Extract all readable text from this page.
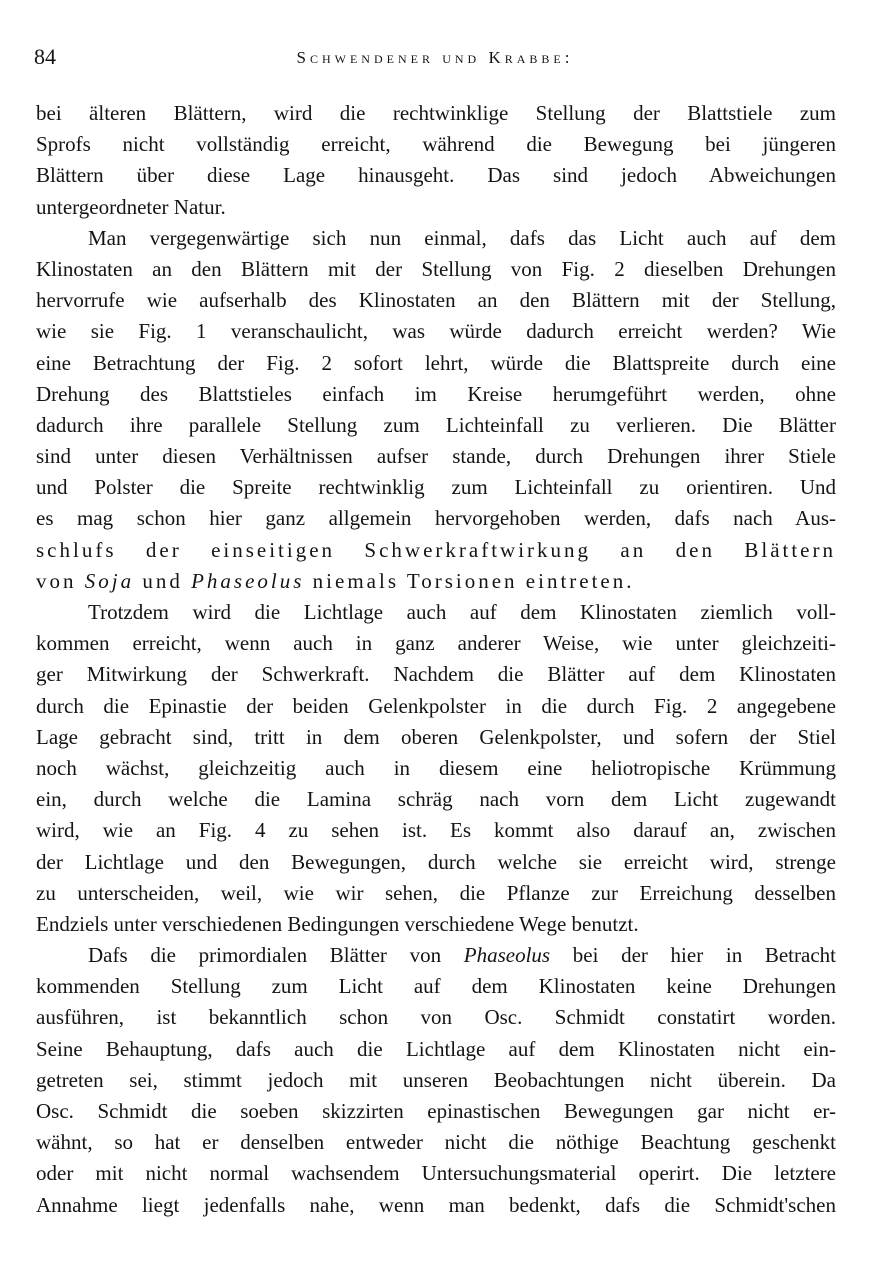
84	Schwendener und Krabbe:
bei älteren Blättern, wird die rechtwinklige Stellung der Blattstiele zum
Sprofs nicht vollständig erreicht, während die Bewegung bei jüngeren
Blättern über diese Lage hinausgeht. Das sind jedoch Abweichungen
untergeordneter Natur.
Man vergegenwärtige sich nun einmal, dafs das Licht auch auf dem
Klinostaten an den Blättern mit der Stellung von Fig. 2 dieselben Drehungen
hervorrufe wie aufserhalb des Klinostaten an den Blättern mit der Stellung,
wie sie Fig. 1 veranschaulicht, was würde dadurch erreicht werden? Wie
eine Betrachtung der Fig. 2 sofort lehrt, würde die Blattspreite durch eine
Drehung des Blattstieles einfach im Kreise herumgeführt werden, ohne
dadurch ihre parallele Stellung zum Lichteinfall zu verlieren. Die Blätter
sind unter diesen Verhältnissen aufser stande, durch Drehungen ihrer Stiele
und Polster die Spreite rechtwinklig zum Lichteinfall zu orientiren. Und
es mag schon hier ganz allgemein hervorgehoben werden, dafs nach Aus-
schlufs der einseitigen Schwerkraftwirkung an den Blättern
von Soja und Phaseolus niemals Torsionen eintreten.
Trotzdem wird die Lichtlage auch auf dem Klinostaten ziemlich voll-
kommen erreicht, wenn auch in ganz anderer Weise, wie unter gleichzeiti-
ger Mitwirkung der Schwerkraft. Nachdem die Blätter auf dem Klinostaten
durch die Epinastie der beiden Gelenkpolster in die durch Fig. 2 angegebene
Lage gebracht sind, tritt in dem oberen Gelenkpolster, und sofern der Stiel
noch wächst, gleichzeitig auch in diesem eine heliotropische Krümmung
ein, durch welche die Lamina schräg nach vorn dem Licht zugewandt
wird, wie an Fig. 4 zu sehen ist. Es kommt also darauf an, zwischen
der Lichtlage und den Bewegungen, durch welche sie erreicht wird, strenge
zu unterscheiden, weil, wie wir sehen, die Pflanze zur Erreichung desselben
Endziels unter verschiedenen Bedingungen verschiedene Wege benutzt.
Dafs die primordialen Blätter von Phaseolus bei der hier in Betracht
kommenden Stellung zum Licht auf dem Klinostaten keine Drehungen
ausführen, ist bekanntlich schon von Osc. Schmidt constatirt worden.
Seine Behauptung, dafs auch die Lichtlage auf dem Klinostaten nicht ein-
getreten sei, stimmt jedoch mit unseren Beobachtungen nicht überein. Da
Osc. Schmidt die soeben skizzirten epinastischen Bewegungen gar nicht er-
wähnt, so hat er denselben entweder nicht die nöthige Beachtung geschenkt
oder mit nicht normal wachsendem Untersuchungsmaterial operirt. Die letztere
Annahme liegt jedenfalls nahe, wenn man bedenkt, dafs die Schmidt'schen
